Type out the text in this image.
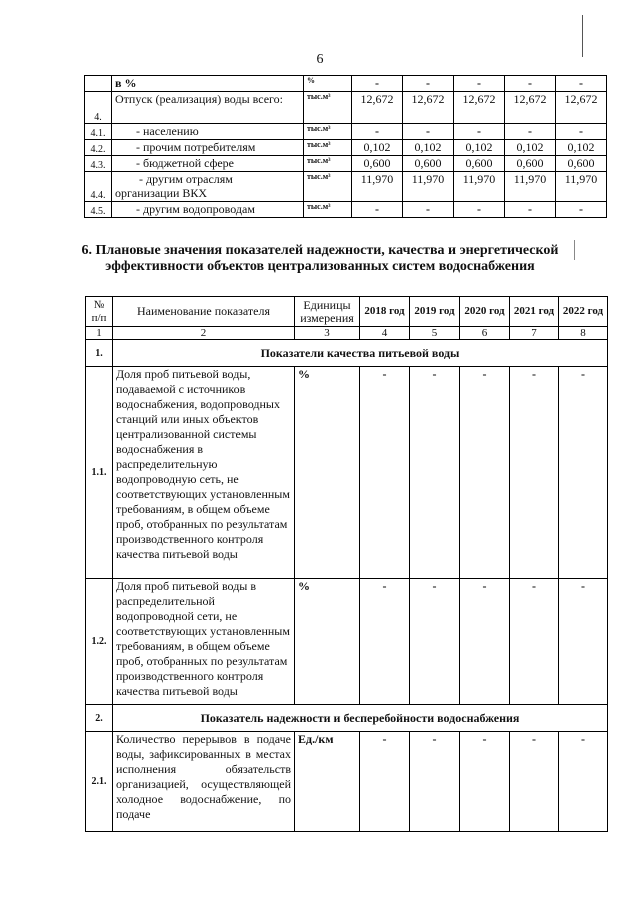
6
	в %	%	-	-	-	-	-
4.	Отпуск (реализация) воды всего:	тыс.м³	12,672	12,672	12,672	12,672	12,672
4.1.	- населению	тыс.м³	-	-	-	-	-
4.2.	- прочим потребителям	тыс.м³	0,102	0,102	0,102	0,102	0,102
4.3.	- бюджетной сфере	тыс.м³	0,600	0,600	0,600	0,600	0,600
4.4.	- другим отраслям организации ВКХ	тыс.м³	11,970	11,970	11,970	11,970	11,970
4.5.	- другим водопроводам	тыс.м³	-	-	-	-	-
6. Плановые значения показателей надежности, качества и энергетической эффективности объектов централизованных систем водоснабжения
№ п/п	Наименование показателя	Единицы измерения	2018 год	2019 год	2020 год	2021 год	2022 год
1	2	3	4	5	6	7	8
1.	Показатели качества питьевой воды						
1.1.	Доля проб питьевой воды, подаваемой с источников водоснабжения, водопроводных станций или иных объектов централизованной системы водоснабжения в распределительную водопроводную сеть, не соответствующих установленным требованиям, в общем объеме проб, отобранных по результатам производственного контроля качества питьевой воды	%	-	-	-	-	-
1.2.	Доля проб питьевой воды в распределительной водопроводной сети, не соответствующих установленным требованиям, в общем объеме проб, отобранных по результатам производственного контроля качества питьевой воды	%	-	-	-	-	-
2.	Показатель надежности и бесперебойности водоснабжения						
2.1.	Количество перерывов в подаче воды, зафиксированных в местах исполнения обязательств организацией, осуществляющей холодное водоснабжение, по подаче	Ед./км	-	-	-	-	-
